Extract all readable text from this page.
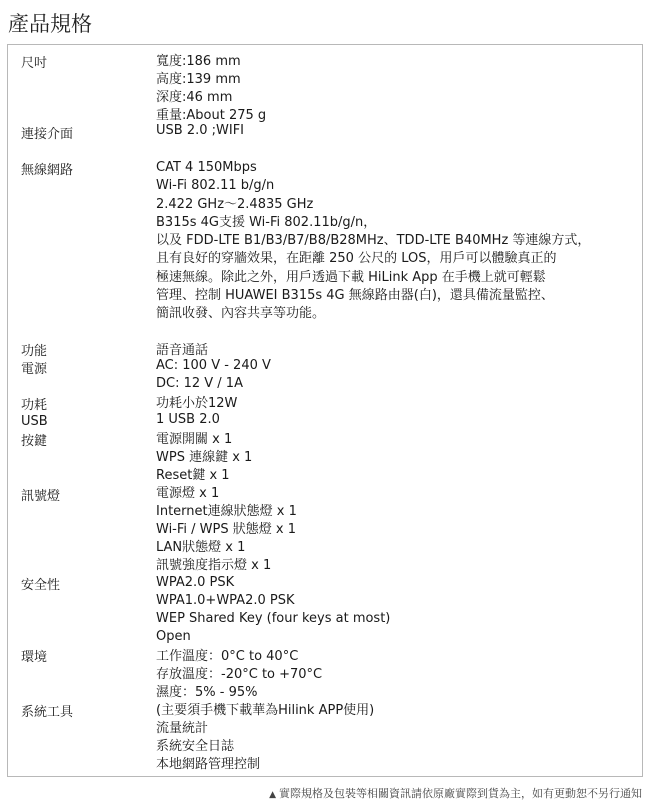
產品規格
尺吋	寬度:186 mm
高度:139 mm
深度:46 mm
重量:About 275 g
連接介面	USB 2.0 ;WIFI
無線網路	CAT 4 150Mbps
Wi-Fi 802.11 b/g/n
2.422 GHz～2.4835 GHz
B315s 4G支援 Wi-Fi 802.11b/g/n，
以及 FDD-LTE B1/B3/B7/B8/B28MHz、TDD-LTE B40MHz 等連線方式，
且有良好的穿牆效果，在距離 250 公尺的 LOS，用戶可以體驗真正的
極速無線。除此之外，用戶透過下載 HiLink App 在手機上就可輕鬆
管理、控制 HUAWEI B315s 4G 無線路由器(白)，還具備流量監控、
簡訊收發、內容共享等功能。
功能	語音通話
電源	AC: 100 V - 240 V
DC: 12 V / 1A
功耗	功耗小於12W
USB	1 USB 2.0
按鍵	電源開關 x 1
WPS 連線鍵 x 1
Reset鍵 x 1
訊號燈	電源燈 x 1
Internet連線狀態燈 x 1
Wi-Fi / WPS 狀態燈 x 1
LAN狀態燈 x 1
訊號強度指示燈 x 1
安全性	WPA2.0 PSK
WPA1.0+WPA2.0 PSK
WEP Shared Key (four keys at most)
Open
環境	工作溫度：0°C to 40°C
存放溫度：-20°C to +70°C
濕度：5% - 95%
系統工具	(主要須手機下載華為Hilink APP使用)
流量統計
系統安全日誌
本地網路管理控制
▲ 實際規格及包裝等相關資訊請依原廠實際到貨為主，如有更動恕不另行通知
